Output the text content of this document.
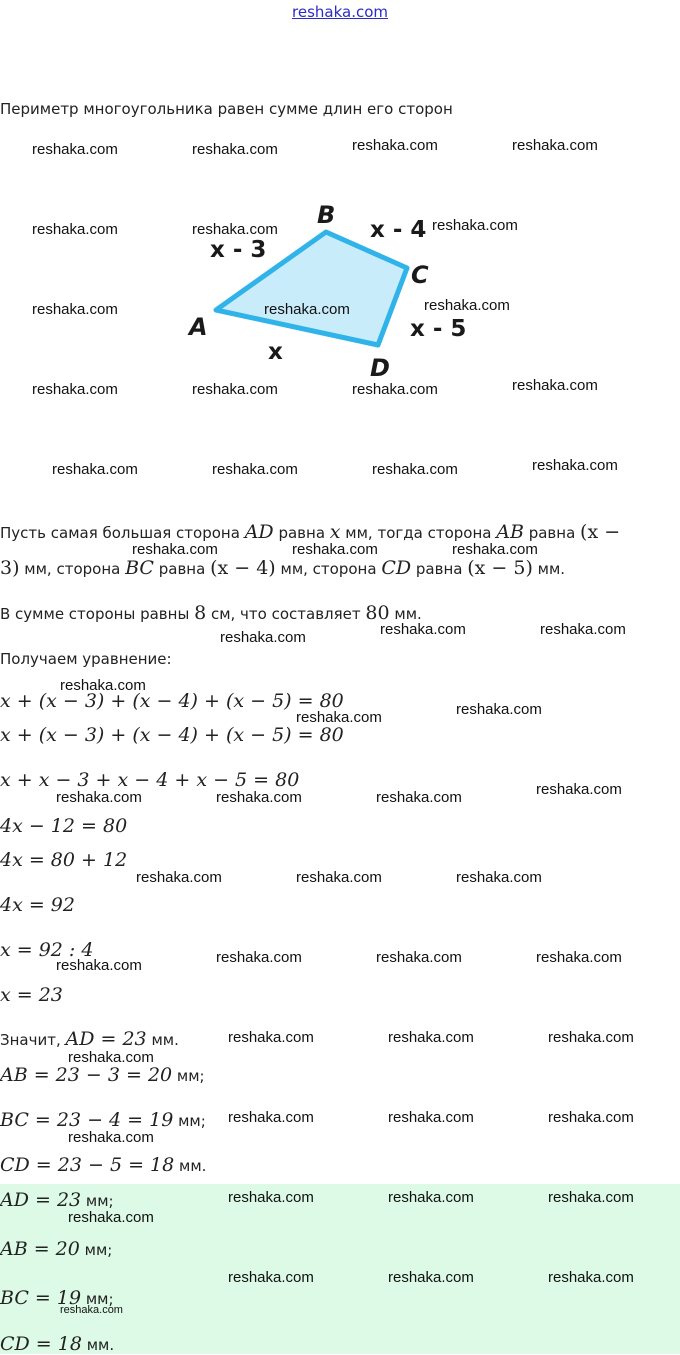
reshaka.com
Периметр многоугольника равен сумме длин его сторон
B
C
A
D
x - 3
x - 4
x - 5
x
Пусть самая большая сторона AD равна x мм, тогда сторона AB равна (x −
3) мм, сторона BC равна (x − 4) мм, сторона CD равна (x − 5) мм.
В сумме стороны равны 8 см, что составляет 80 мм.
Получаем уравнение:
x + (x − 3) + (x − 4) + (x − 5) = 80
x + (x − 3) + (x − 4) + (x − 5) = 80
x + x − 3 + x − 4 + x − 5 = 80
4x − 12 = 80
4x = 80 + 12
4x = 92
x = 92 : 4
x = 23
Значит, AD = 23 мм.
AB = 23 − 3 = 20 мм;
BC = 23 − 4 = 19 мм;
CD = 23 − 5 = 18 мм.
AD = 23 мм;
AB = 20 мм;
BC = 19 мм;
CD = 18 мм.
reshaka.com	reshaka.com	reshaka.com	reshaka.com
reshaka.com	reshaka.com	reshaka.com
reshaka.com	reshaka.com	reshaka.com
reshaka.com	reshaka.com	reshaka.com	reshaka.com
reshaka.com	reshaka.com	reshaka.com	reshaka.com
reshaka.com	reshaka.com	reshaka.com
reshaka.com	reshaka.com	reshaka.com
reshaka.com
reshaka.com	reshaka.com
reshaka.com	reshaka.com	reshaka.com	reshaka.com
reshaka.com	reshaka.com	reshaka.com
reshaka.com	reshaka.com	reshaka.com	reshaka.com
reshaka.com	reshaka.com	reshaka.com
reshaka.com
reshaka.com	reshaka.com	reshaka.com
reshaka.com
reshaka.com	reshaka.com	reshaka.com
reshaka.com
reshaka.com	reshaka.com	reshaka.com
reshaka.com
